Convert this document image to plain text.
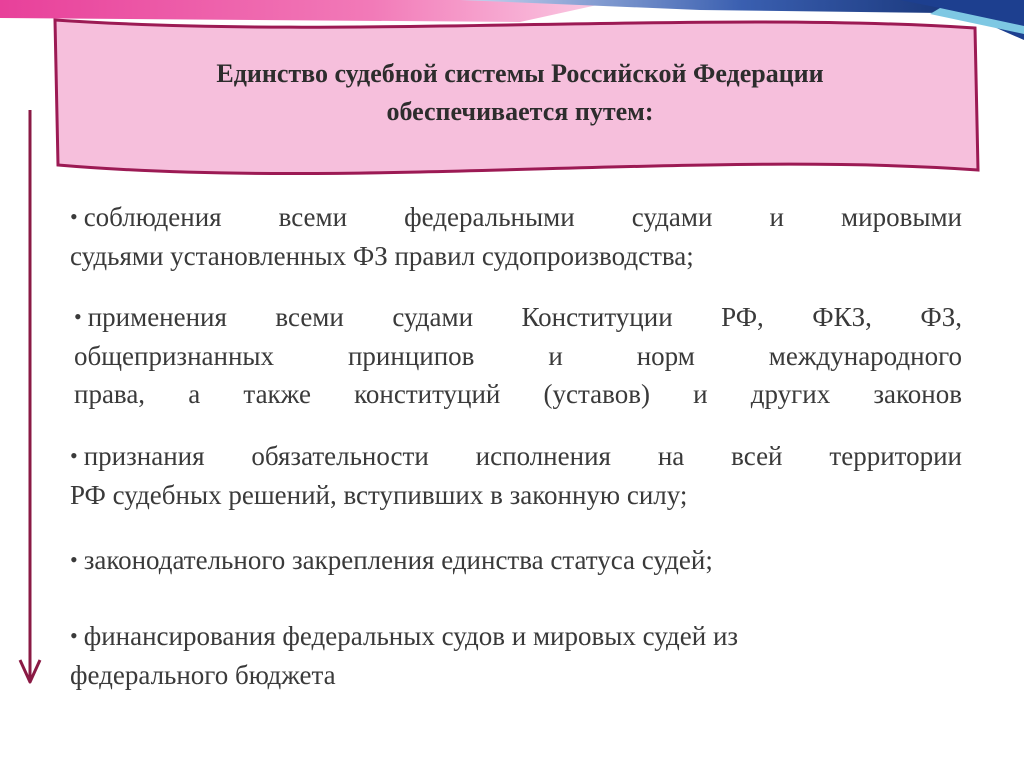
Единство судебной системы Российской Федерации
обеспечивается путем:
• соблюдения всеми федеральными судами и мировыми
судьями установленных ФЗ правил судопроизводства;
• применения всеми судами Конституции РФ, ФКЗ, ФЗ,
общепризнанных принципов и норм международного
права, а также конституций (уставов) и других законов
• признания обязательности исполнения на всей территории
РФ судебных решений, вступивших в законную силу;
• законодательного закрепления единства статуса судей;
• финансирования федеральных судов и мировых судей из
федерального бюджета
